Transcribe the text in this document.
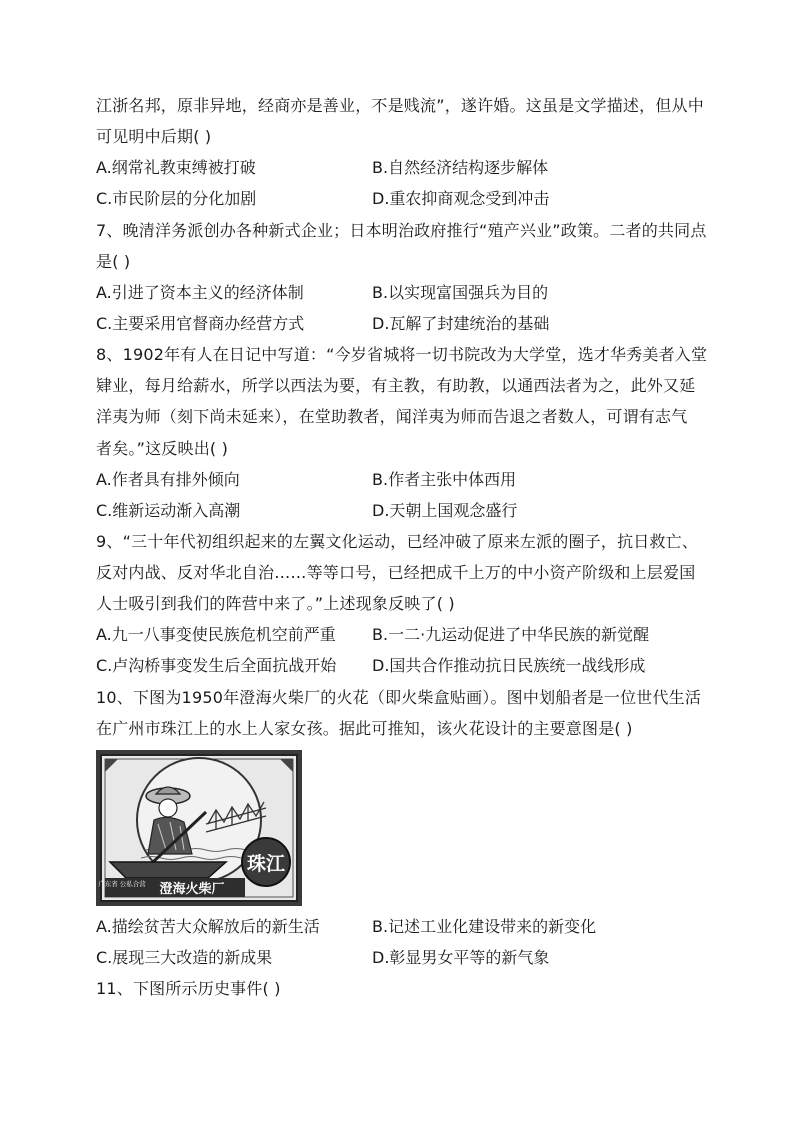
江浙名邦，原非异地，经商亦是善业，不是贱流”，遂许婚。这虽是文学描述，但从中
可见明中后期( )
A.纲常礼教束缚被打破	B.自然经济结构逐步解体
C.市民阶层的分化加剧	D.重农抑商观念受到冲击
7、晚清洋务派创办各种新式企业；日本明治政府推行“殖产兴业”政策。二者的共同点
是( )
A.引进了资本主义的经济体制	B.以实现富国强兵为目的
C.主要采用官督商办经营方式	D.瓦解了封建统治的基础
8、1902年有人在日记中写道：“今岁省城将一切书院改为大学堂，选才华秀美者入堂
肄业，每月给薪水，所学以西法为要，有主教，有助教，以通西法者为之，此外又延
洋夷为师（刻下尚未延来），在堂助教者，闻洋夷为师而告退之者数人，可谓有志气
者矣。”这反映出( )
A.作者具有排外倾向	B.作者主张中体西用
C.维新运动渐入高潮	D.天朝上国观念盛行
9、“三十年代初组织起来的左翼文化运动，已经冲破了原来左派的圈子，抗日救亡、
反对内战、反对华北自治……等等口号，已经把成千上万的中小资产阶级和上层爱国
人士吸引到我们的阵营中来了。”上述现象反映了( )
A.九一八事变使民族危机空前严重 B.一二·九运动促进了中华民族的新觉醒
C.卢沟桥事变发生后全面抗战开始 D.国共合作推动抗日民族统一战线形成
10、下图为1950年澄海火柴厂的火花（即火柴盒贴画）。图中划船者是一位世代生活
在广州市珠江上的水上人家女孩。据此可推知，该火花设计的主要意图是( )
珠江
广东省 公私合营 澄海火柴厂
A.描绘贫苦大众解放后的新生活	B.记述工业化建设带来的新变化
C.展现三大改造的新成果	D.彰显男女平等的新气象
11、下图所示历史事件( )
